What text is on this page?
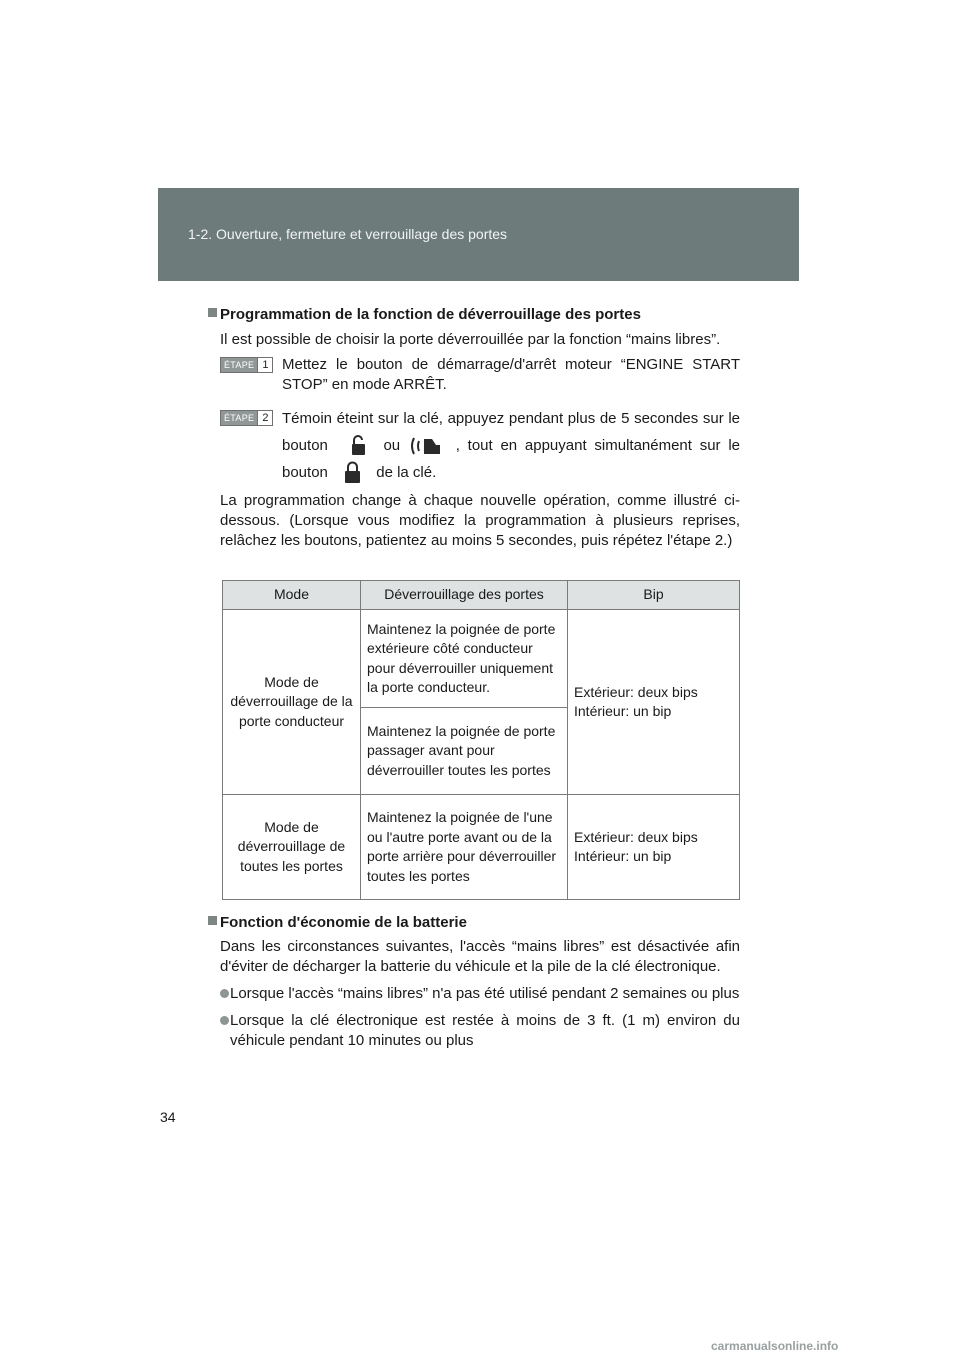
1-2. Ouverture, fermeture et verrouillage des portes

Programmation de la fonction de déverrouillage des portes

Il est possible de choisir la porte déverrouillée par la fonction “mains libres”.

ÉTAPE 1 Mettez le bouton de démarrage/d'arrêt moteur “ENGINE START STOP” en mode ARRÊT.
ÉTAPE 2 Témoin éteint sur la clé, appuyez pendant plus de 5 secondes sur le bouton	ou	, tout en appuyant simultanément sur le bouton	de la clé.

La programmation change à chaque nouvelle opération, comme illustré ci-dessous. (Lorsque vous modifiez la programmation à plusieurs reprises, relâchez les boutons, patientez au moins 5 secondes, puis répétez l'étape 2.)

Mode	Déverrouillage des portes	Bip
Mode de déverrouillage de la porte conducteur	Maintenez la poignée de porte extérieure côté conducteur pour déverrouiller uniquement la porte conducteur.	Extérieur: deux bips
Intérieur: un bip

	Maintenez la poignée de porte passager avant pour déverrouiller toutes les portes	
Mode de déverrouillage de toutes les portes	Maintenez la poignée de l'une ou l'autre porte avant ou de la porte arrière pour déverrouiller toutes les portes	Extérieur: deux bips
Intérieur: un bip

Fonction d'économie de la batterie

Dans les circonstances suivantes, l'accès “mains libres” est désactivée afin d'éviter de décharger la batterie du véhicule et la pile de la clé électronique.

Lorsque l'accès “mains libres” n'a pas été utilisé pendant 2 semaines ou plus
Lorsque la clé électronique est restée à moins de 3 ft. (1 m) environ du véhicule pendant 10 minutes ou plus
34
carmanualsonline.info
